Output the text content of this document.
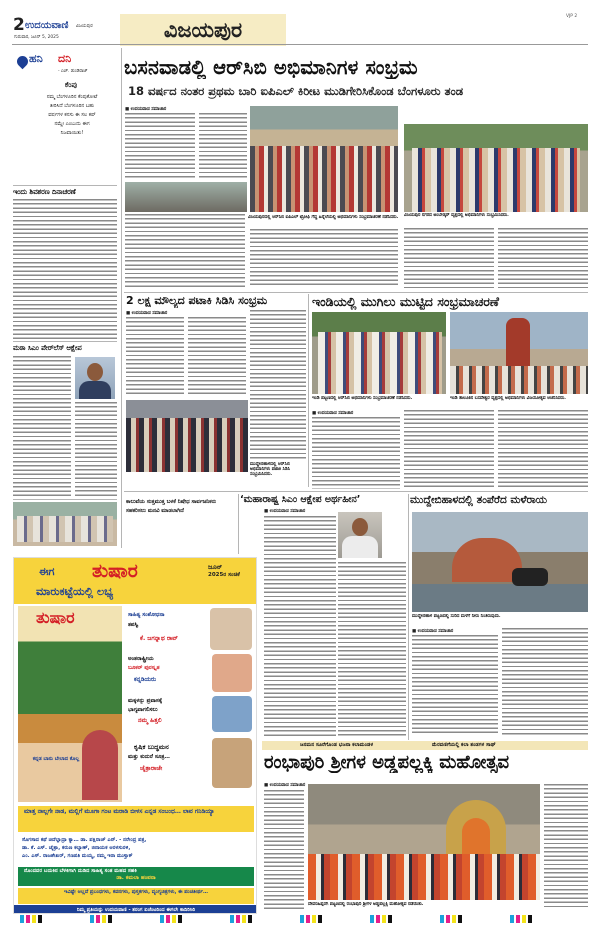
2 ಉದಯವಾಣಿ ವಿಜಯಪುರ
ಗುರುವಾರ, ಜೂನ್ 5, 2025	ವಿಜಯಪುರ
VJP 2
ಹನಿ ದನಿ
- ಎಚ್. ಡುಂಡಿರಾಜ್
ಕೆಂಪು
ನಮ್ಮ ಬೆಂಗಳೂರಿನ ಕೆಂಪುಕೋಟೆ ತೀರಿಸಿದೆ ಬೆಂಗಳೂರಿನ ಬಹು ವರ್ಷಗಳ ಕನಸು ಈ ಸಲ ಕಪ್ ನಮ್ದೇ ಎಂಬುದು ಈಗ ನಿಜವಾಯಿತು!
ಇಂದು ಶಿವಶರಣ ದಿನಾಚರಣೆ
ಮಠಾ ಸಿಎಂ ಪೇರ್‌ಲೆಸ್ ಆಕ್ಷೇಪ
ಈಗ ತುಷಾರ	ಜೂನ್
2025ರ ಸಂಚಿಕೆ
ಮಾರುಕಟ್ಟೆಯಲ್ಲಿ ಲಭ್ಯ
ತುಷಾರ
ಕನ್ನಡ ಬಾನು ಬೇಲಾದ ಕೊಲ್ಲ
ಸಾಹಿತ್ಯ ಸಂಶೋಧನಾ
ತಪಸ್ವಿ
ಕೆ. ಜಗನ್ನಾಥ ರಾವ್
ಅಂತರಾಷ್ಟ್ರೀಯ
ಬೂಕರ್ ಪುರಸ್ಕೃತ
ಕನ್ನಡಿಯರು
ಮಕ್ಕಳನ್ನು ಪ್ರವಾಸಕ್ಕೆ
ಭಾಗ್ಯವಾಗಲಿಸಲು
ನಮ್ಮ ಹಿತ್ತಲಿ
ಕೃಷಿಕ ಬುದ್ಧಮನ
ಮತ್ತು ಕುದುರೆ ಸೂತ್ರ…
ಚೈತ್ರಾರಾಜೇ
ಮಾತ್ತ ನಾಲ್ಲಗೇ ನಾಡ, ಮಲ್ಲಿಗೆ ಮೂಗಾ ಗಂಟ ಮರಾಡಿ ಬೀಳಸ ಎನ್ನಡ ಸಂಬಂಧ… ಲಾವ ಗನಿಡಿಯ್ಯಾ
ಸೊಗಸಾದ ಕಥೆ ಚಿದೆಲ್ಲಾದ್ರಾ ಕ್ಯಾ… ಡಾ. ಪಕ್ಷಿರಾಜ್ ಎನ್. - ನರೇಂದ್ರ ಪತ್ರ,
ಡಾ. ಕೆ. ಎಸ್. ಚೈತ್ರಾ, ಕರುಣ ಕಲ್ಯಾಣ್, ಜಿನಾಯಕ ಅರಳಸುರಳಿ,
ಎಂ. ಎಸ್. ರಾಜಶೇಖರ್, ಗಣಪತಿ ಮಯ್ಯ, ನಮ್ಮ ಇರಾ ಮುಸ್ತಾಕ್
ನೊಂದವರ ಬದುಕಿನ ಬೆಳಕಿಗಾಗಿ ದುಡಿದ ಸಾಹಿತ್ಯ ಸಂತ ಮಹದ ಸಹಕಿ
ಡಾ. ಕಮಲಾ ಹಂಪನಾ
ಇವಿಷ್ಟೇ ಅಲ್ಲದೆ ಪ್ರಬಂಧಗಳು, ಕವನಗಳು, ಪುಸ್ತಕಗಳು, ವ್ಯಂಗ್ಯಚಿತ್ರಗಳು, ಈ ಪಂಚತೀರ್ಥ…
ನಿಮ್ಮ ಪ್ರತಿಯನ್ನು ಉದಯವಾಣಿ - ತರಂಗ ಏಜೆಂಟರಿಂದ ಈಗಲೇ ಕಾದಿರಿಸಿರಿ
ಬಸನವಾಡಲ್ಲಿ ಆರ್‌ಸಿಬಿ ಅಭಿಮಾನಿಗಳ ಸಂಭ್ರಮ
18 ವರ್ಷದ ನಂತರ ಪ್ರಥಮ ಬಾರಿ ಐಪಿಎಲ್ ಕಿರೀಟ ಮುಡಿಗೇರಿಸಿಕೊಂಡ ಬೆಂಗಳೂರು ತಂಡ
■ ಉದಯವಾಣಿ ಸಮಾಚಾರ
ವಿಜಯಪುರದಲ್ಲಿ ಆರ್‌ಸಿಬಿ ಐಪಿಎಲ್ ಟ್ರೋಫಿ ಗೆದ್ದ ಹಿನ್ನೆಲೆಯಲ್ಲಿ ಅಭಿಮಾನಿಗಳು ಸಂಭ್ರಮಾಚರಣೆ ನಡೆಸಿದರು.	ವಿಜಯಪುರ ನಗರದ ಅಂಬೇಡ್ಕರ್ ವೃತ್ತದಲ್ಲಿ ಅಭಿಮಾನಿಗಳು ಸಂಭ್ರಮಿಸಿದರು.
2 ಲಕ್ಷ ಮೌಲ್ಯದ ಪಟಾಕಿ ಸಿಡಿಸಿ ಸಂಭ್ರಮ
■ ಉದಯವಾಣಿ ಸಮಾಚಾರ
ಮುದ್ದೇಬಿಹಾಳದಲ್ಲಿ ಆರ್‌ಸಿಬಿ ಅಭಿಮಾನಿಗಳು ಪಟಾಕಿ ಸಿಡಿಸಿ ಸಂಭ್ರಮಿಸಿದರು.
ಇಂಡಿಯಲ್ಲಿ ಮುಗಿಲು ಮುಟ್ಟಿದ ಸಂಭ್ರಮಾಚರಣೆ
ಇಂಡಿ ಪಟ್ಟಣದಲ್ಲಿ ಆರ್‌ಸಿಬಿ ಅಭಿಮಾನಿಗಳು ಸಂಭ್ರಮಾಚರಣೆ ನಡೆಸಿದರು.	ಇಂಡಿ ತಾಲೂಕಿನ ಬಸವೇಶ್ವರ ವೃತ್ತದಲ್ಲಿ ಅಭಿಮಾನಿಗಳು ವಿಜಯೋತ್ಸವ ಆಚರಿಸಿದರು.
■ ಉದಯವಾಣಿ ಸಮಾಚಾರ
ಕಾಲುವೆಯ ಸುತ್ತಮುತ್ತ ಬಳಕೆ ನಿಷೇಧ ಸಾರ್ವಜನಿಕರು ಸಹಕರಿಸಲು ಮನವಿ ಮಾಡಲಾಗಿದೆ
‘ಮಹಾರಾಷ್ಟ್ರ ಸಿಎಂ ಆಕ್ಷೇಪ ಅರ್ಥಹೀನ’
■ ಉದಯವಾಣಿ ಸಮಾಚಾರ
ಮುದ್ದೇಬಿಹಾಳದಲ್ಲಿ ತಂಪೆರೆದ ಮಳೆರಾಯ
ಮುದ್ದೇಬಿಹಾಳ ಪಟ್ಟಣದಲ್ಲಿ ಸುರಿದ ಮಳೆಗೆ ನೀರು ನಿಂತಿರುವುದು.
■ ಉದಯವಾಣಿ ಸಮಾಚಾರ
ಜನಮನ ಸೂರೆಗೊಂಡ ಭಜನಾ ಕಲಾಮಂಡಳ	ಮೆರವಣಿಗೆಯಲ್ಲಿ ಕಲಾ ತಂಡಗಳ ಸಾಥ್
ರಂಭಾಪುರಿ ಶ್ರೀಗಳ ಅಡ್ಡಪಲ್ಲಕ್ಕಿ ಮಹೋತ್ಸವ
■ ಉದಯವಾಣಿ ಸಮಾಚಾರ
ದೇವರಹಿಪ್ಪರಗಿ ಪಟ್ಟಣದಲ್ಲಿ ರಂಭಾಪುರಿ ಶ್ರೀಗಳ ಅಡ್ಡಪಲ್ಲಕ್ಕಿ ಮಹೋತ್ಸವ ನಡೆಯಿತು.
